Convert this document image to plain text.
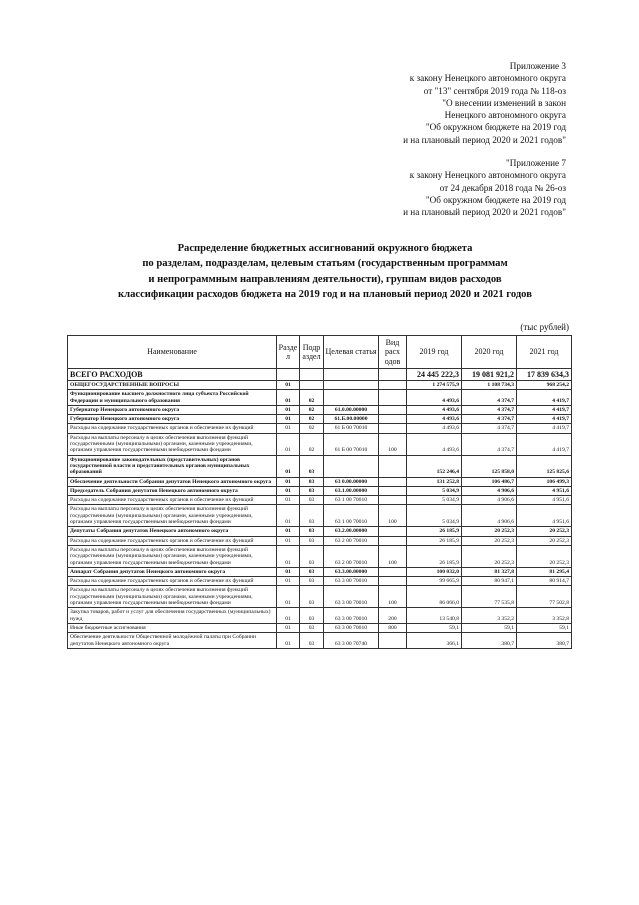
Приложение 3
к закону Ненецкого автономного округа
от "13" сентября 2019 года № 118-оз
"О внесении изменений в закон
Ненецкого автономного округа
"Об окружном бюджете на 2019 год
и на плановый период 2020 и 2021 годов"
"Приложение 7
к закону Ненецкого автономного округа
от 24 декабря 2018 года № 26-оз
"Об окружном бюджете на 2019 год
и на плановый период 2020 и 2021 годов"
Распределение бюджетных ассигнований окружного бюджета
по разделам, подразделам, целевым статьям (государственным программам
и непрограммным направлениям деятельности), группам видов расходов
классификации расходов бюджета на 2019 год и на плановый период 2020 и 2021 годов
(тыс рублей)
Наименование	Разде л	Подр аздел	Целевая статья	Вид расх одов	2019 год	2020 год	2021 год
ВСЕГО РАСХОДОВ					24 445 222,3	19 081 921,2	17 839 634,3
ОБЩЕГОСУДАРСТВЕННЫЕ ВОПРОСЫ	01				1 274 575,9	1 108 734,3	968 254,2
Функционирование высшего должностного лица субъекта Российской Федерации и муниципального образования	01	02			4 493,6	4 374,7	4 419,7
Губернатор Ненецкого автономного округа	01	02	61.0.00.00000		4 493,6	4 374,7	4 419,7
Губернатор Ненецкого автономного округа	01	02	61.Б.00.00000		4 493,6	4 374,7	4 419,7
Расходы на содержание государственных органов и обеспечение их функций	01	02	61 Б 00 70010		4 493,6	4 374,7	4 419,7
Расходы на выплаты персоналу в целях обеспечения выполнения функций государственными (муниципальными) органами, казенными учреждениями, органами управления государственными внебюджетными фондами	01	02	61 Б 00 70010	100	4 493,6	4 374,7	4 419,7
Функционирование законодательных (представительных) органов государственной власти и представительных органов муниципальных образований	01	03			152 246,4	125 858,0	125 825,6
Обеспечение деятельности Собрания депутатов Ненецкого автономного округа	01	03	63 0.00.00000		131 252,8	106 486,7	106 499,3
Председатель Собрания депутатов Ненецкого автономного округа	01	03	63.1.00.00000		5 034,9	4 906,6	4 951,6
Расходы на содержание государственных органов и обеспечение их функций	01	03	63 1 00 70010		5 034,9	4 906,6	4 951,6
Расходы на выплаты персоналу в целях обеспечения выполнения функций государственными (муниципальными) органами, казенными учреждениями, органами управления государственными внебюджетными фондами	01	03	63 1 00 70010	100	5 034,9	4 906,6	4 951,6
Депутаты Собрания депутатов Ненецкого автономного округа	01	03	63.2.00.00000		26 185,9	20 252,3	20 252,3
Расходы на содержание государственных органов и обеспечение их функций	01	03	63 2 00 70010		26 185,9	20 252,3	20 252,3
Расходы на выплаты персоналу в целях обеспечения выполнения функций государственными (муниципальными) органами, казенными учреждениями, органами управления государственными внебюджетными фондами	01	03	63 2 00 70010	100	26 185,9	20 252,3	20 252,3
Аппарат Собрания депутатов Ненецкого автономного округа	01	03	63.3.00.00000		100 032,0	81 327,8	81 295,4
Расходы на содержание государственных органов и обеспечение их функций	01	03	63 3 00 70010		99 665,9	80 947,1	80 914,7
Расходы на выплаты персоналу в целях обеспечения выполнения функций государственными (муниципальными) органами, казенными учреждениями, органами управления государственными внебюджетными фондами	01	03	63 3 00 70010	100	86 066,0	77 535,8	77 502,8
Закупка товаров, работ и услуг для обеспечения государственных (муниципальных) нужд	01	03	63 3 00 70010	200	13 540,8	3 352,2	3 352,8
Иные бюджетные ассигнования	01	03	63 3 00 70010	800	59,1	59,1	59,1
Обеспечение деятельности Общественной молодёжной палаты при Собрании депутатов Ненецкого автономного округа	01	03	63 3 00 70740		366,1	380,7	380,7
